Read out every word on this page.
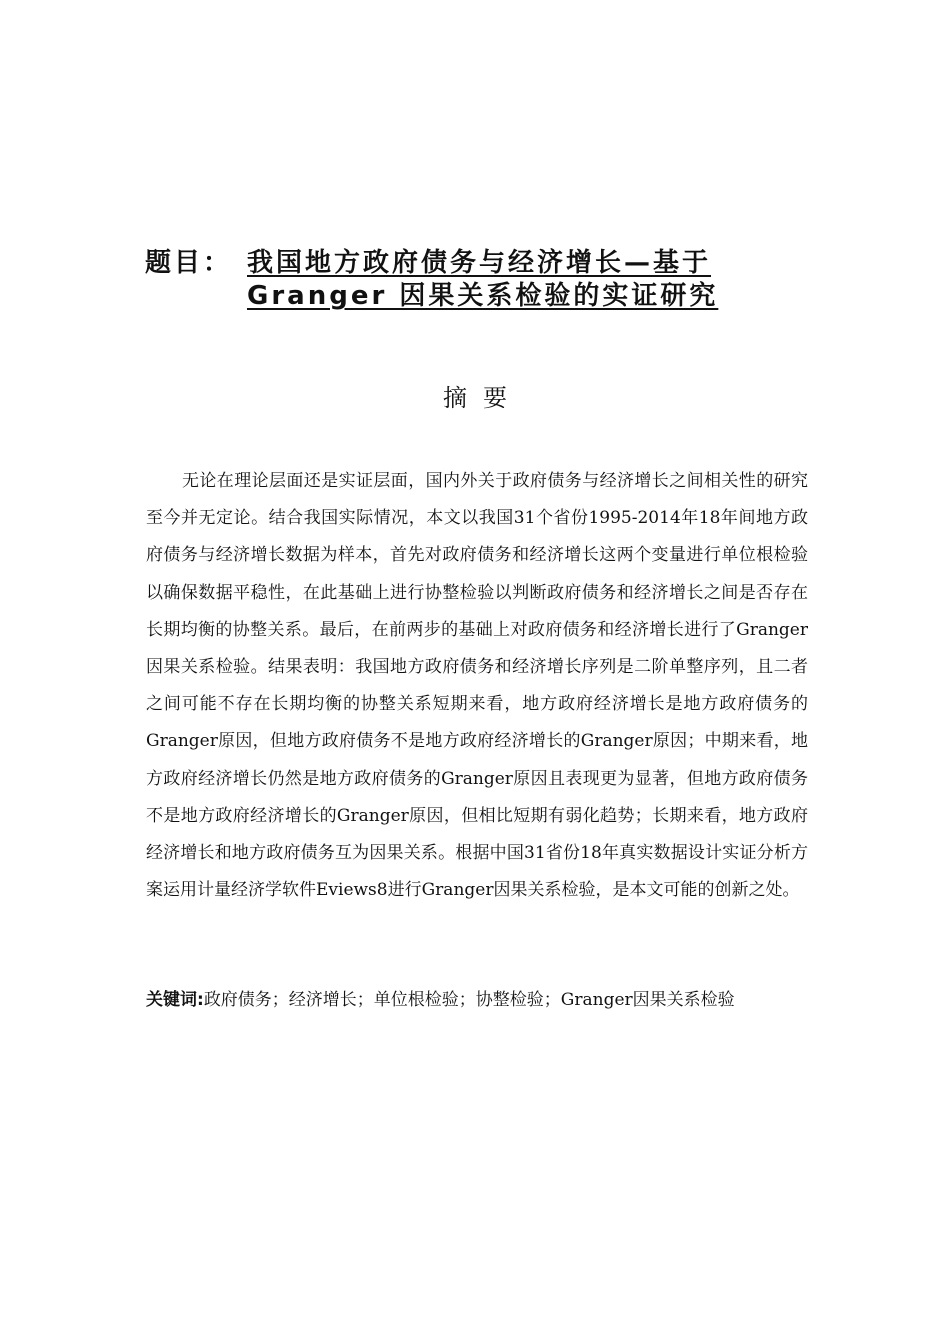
题目： 我国地方政府债务与经济增长—基于 Granger 因果关系检验的实证研究
摘要

无论在理论层面还是实证层面，国内外关于政府债务与经济增长之间相关性的研究至今并无定论。结合我国实际情况，本文以我国31个省份1995-2014年18年间地方政府债务与经济增长数据为样本，首先对政府债务和经济增长这两个变量进行单位根检验以确保数据平稳性，在此基础上进行协整检验以判断政府债务和经济增长之间是否存在长期均衡的协整关系。最后，在前两步的基础上对政府债务和经济增长进行了Granger因果关系检验。结果表明：我国地方政府债务和经济增长序列是二阶单整序列，且二者之间可能不存在长期均衡的协整关系短期来看，地方政府经济增长是地方政府债务的Granger原因，但地方政府债务不是地方政府经济增长的Granger原因；中期来看，地方政府经济增长仍然是地方政府债务的Granger原因且表现更为显著，但地方政府债务不是地方政府经济增长的Granger原因，但相比短期有弱化趋势；长期来看，地方政府经济增长和地方政府债务互为因果关系。根据中国31省份18年真实数据设计实证分析方案运用计量经济学软件Eviews8进行Granger因果关系检验，是本文可能的创新之处。

关键词:政府债务；经济增长；单位根检验；协整检验；Granger因果关系检验
